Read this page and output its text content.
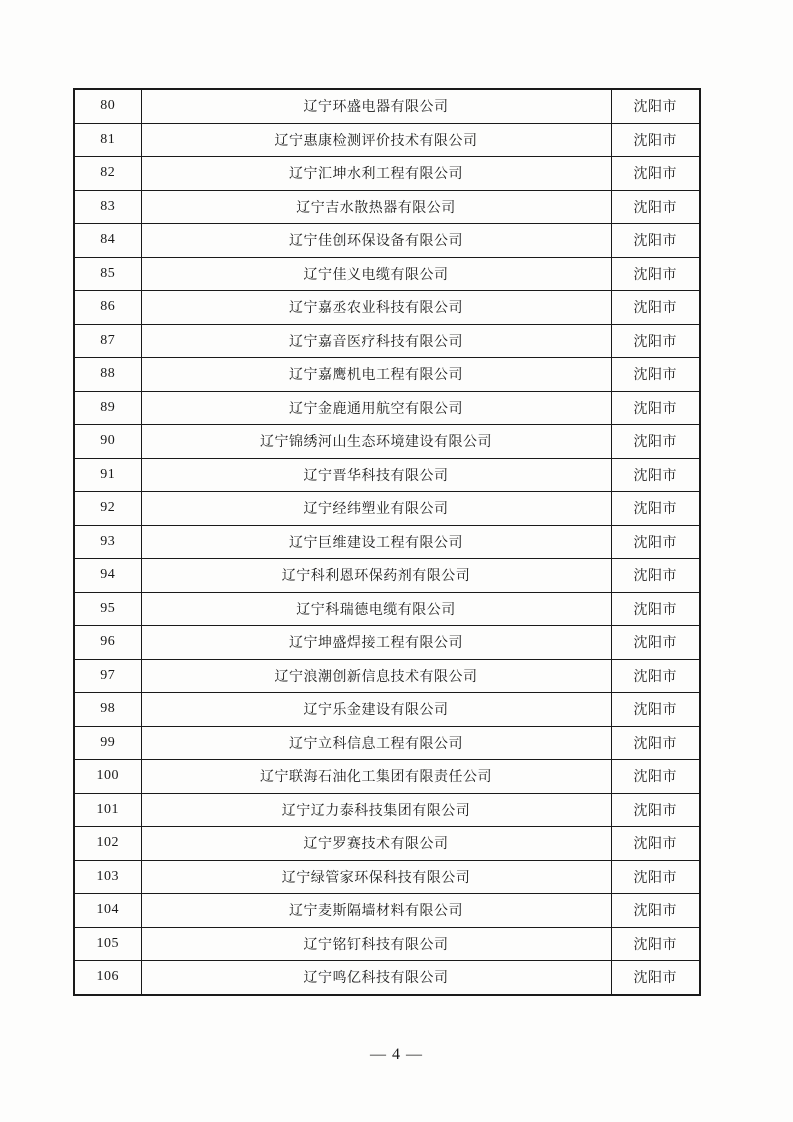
80	辽宁环盛电器有限公司	沈阳市
81	辽宁惠康检测评价技术有限公司	沈阳市
82	辽宁汇坤水利工程有限公司	沈阳市
83	辽宁吉水散热器有限公司	沈阳市
84	辽宁佳创环保设备有限公司	沈阳市
85	辽宁佳义电缆有限公司	沈阳市
86	辽宁嘉丞农业科技有限公司	沈阳市
87	辽宁嘉音医疗科技有限公司	沈阳市
88	辽宁嘉鹰机电工程有限公司	沈阳市
89	辽宁金鹿通用航空有限公司	沈阳市
90	辽宁锦绣河山生态环境建设有限公司	沈阳市
91	辽宁晋华科技有限公司	沈阳市
92	辽宁经纬塑业有限公司	沈阳市
93	辽宁巨维建设工程有限公司	沈阳市
94	辽宁科利恩环保药剂有限公司	沈阳市
95	辽宁科瑞德电缆有限公司	沈阳市
96	辽宁坤盛焊接工程有限公司	沈阳市
97	辽宁浪潮创新信息技术有限公司	沈阳市
98	辽宁乐金建设有限公司	沈阳市
99	辽宁立科信息工程有限公司	沈阳市
100	辽宁联海石油化工集团有限责任公司	沈阳市
101	辽宁辽力泰科技集团有限公司	沈阳市
102	辽宁罗赛技术有限公司	沈阳市
103	辽宁绿管家环保科技有限公司	沈阳市
104	辽宁麦斯隔墙材料有限公司	沈阳市
105	辽宁铭钉科技有限公司	沈阳市
106	辽宁鸣亿科技有限公司	沈阳市
— 4 —
